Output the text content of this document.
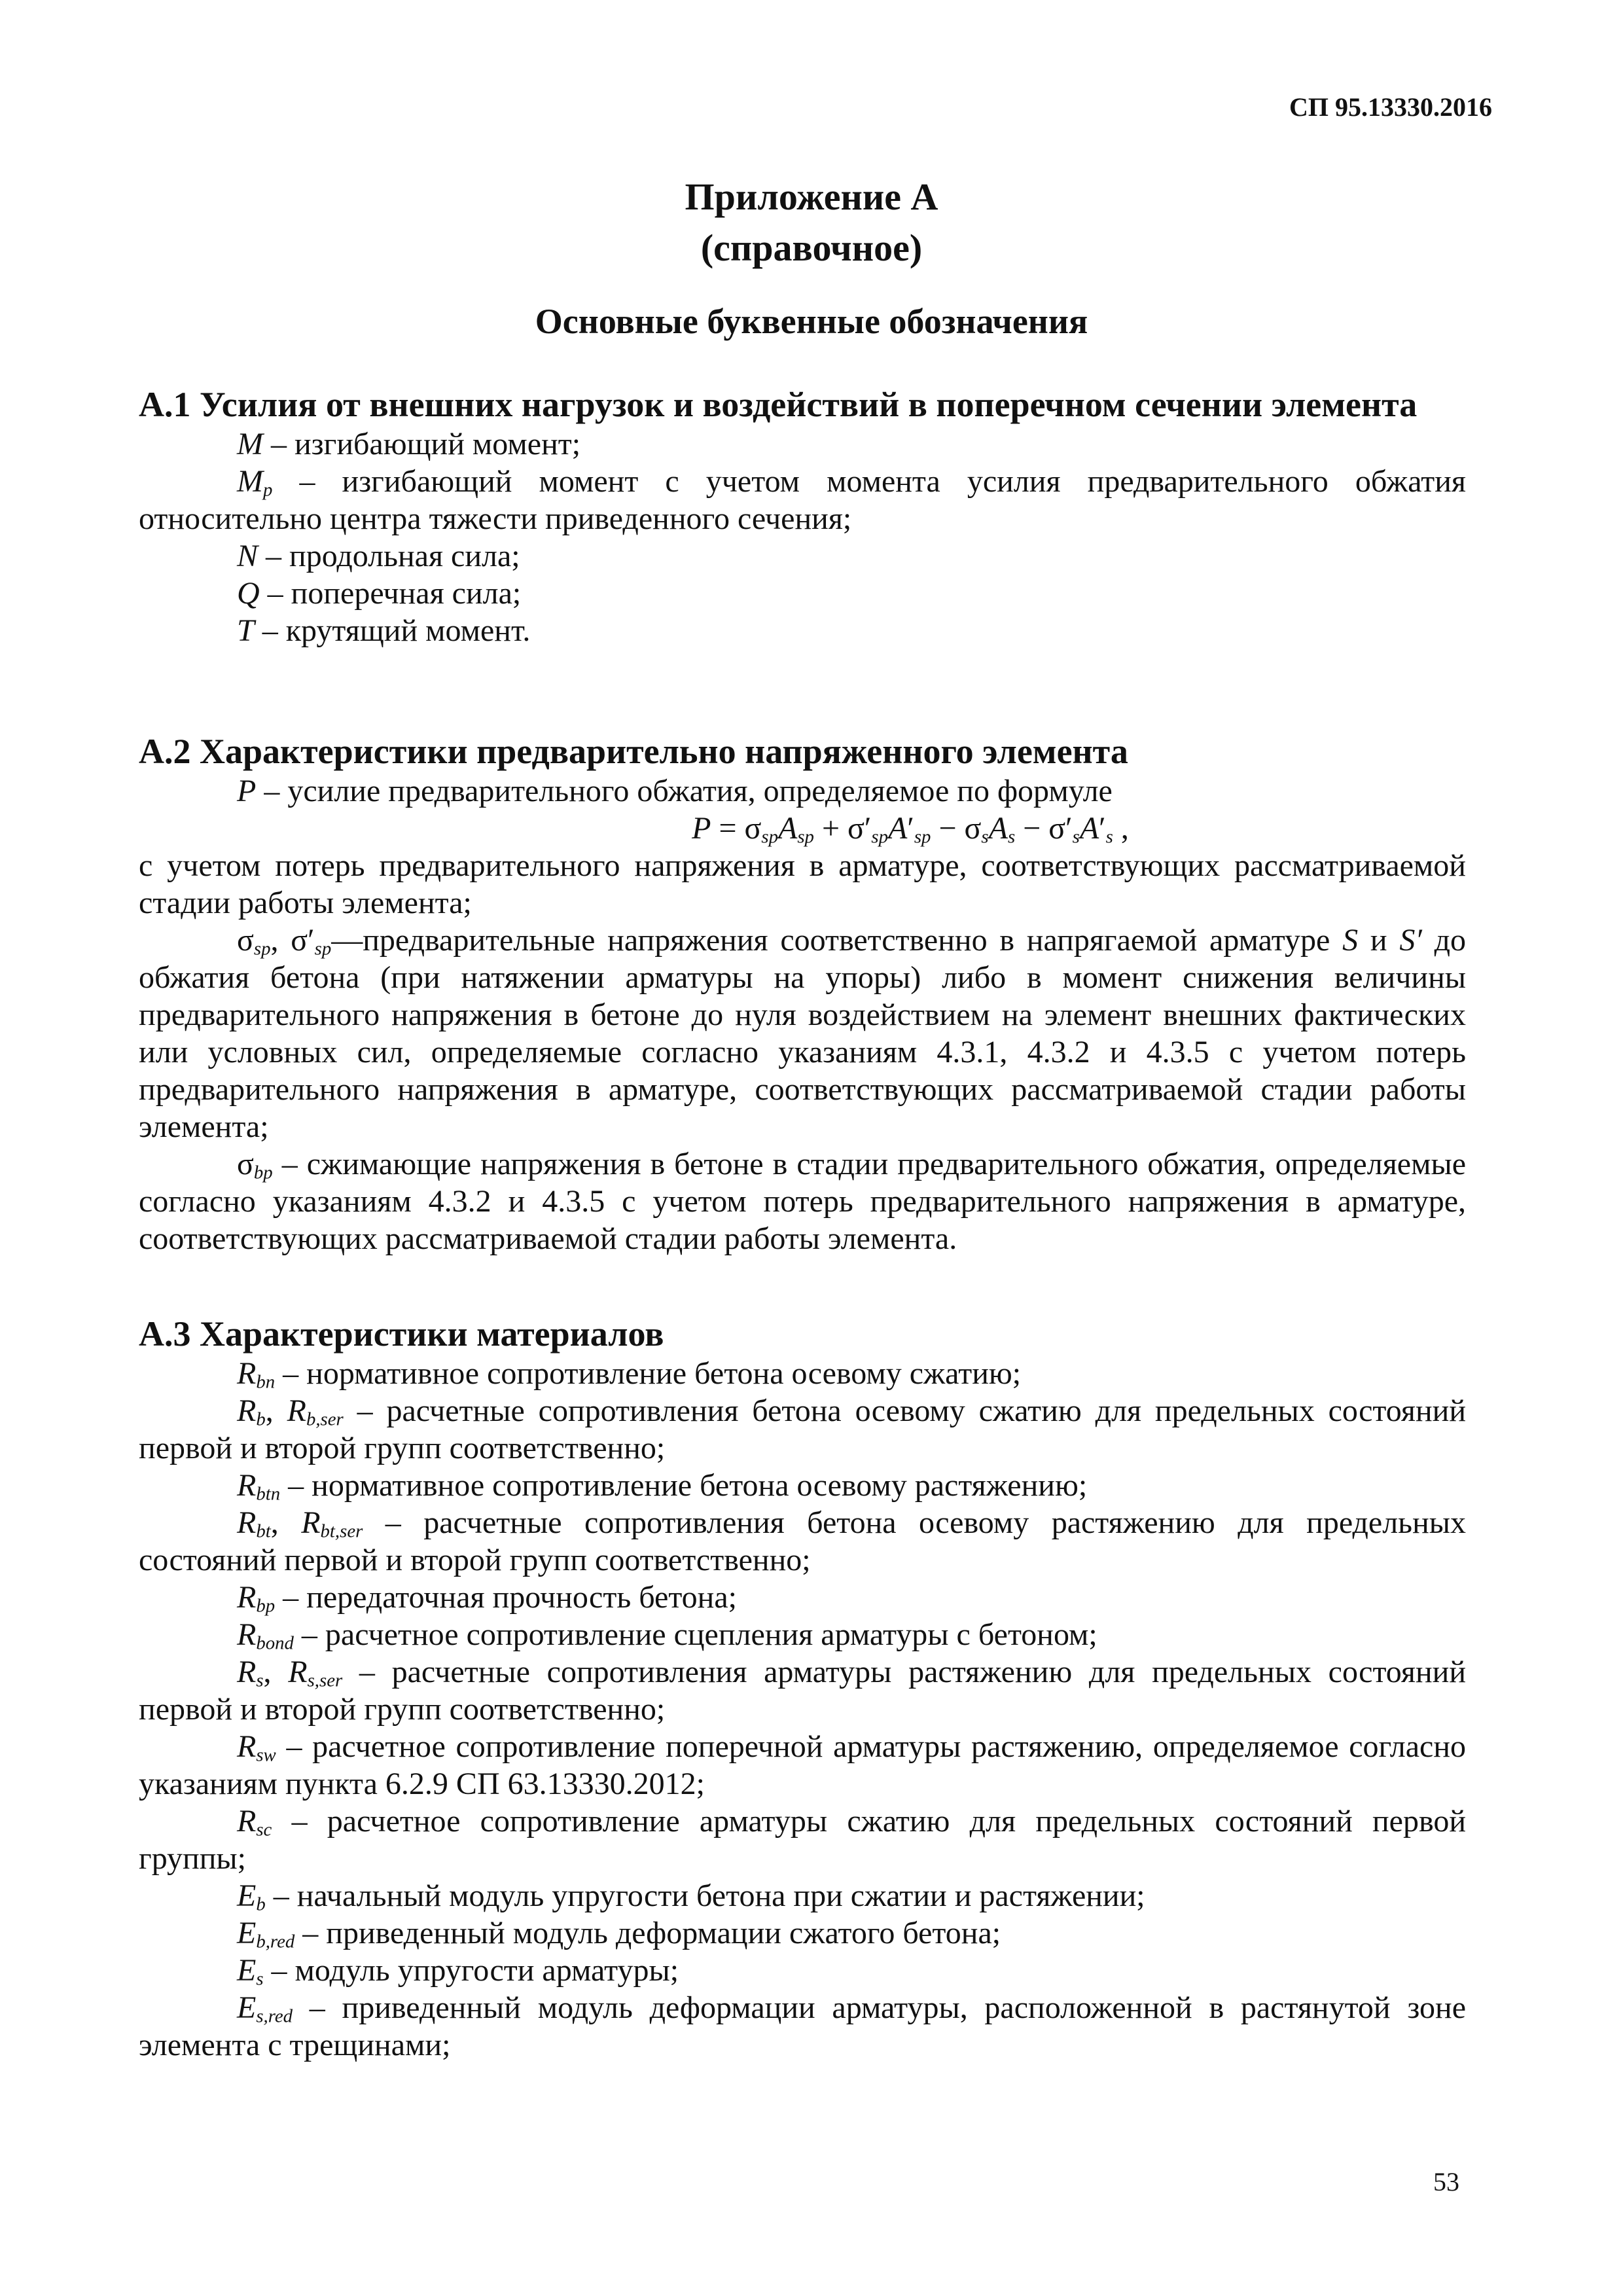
СП 95.13330.2016
Приложение А
(справочное)
Основные буквенные обозначения
А.1 Усилия от внешних нагрузок и воздействий в поперечном сечении элемента

M – изгибающий момент;

$M_p$ – изгибающий момент с учетом момента усилия предварительного обжатия относительно центра тяжести приведенного сечения;

N – продольная сила;

Q – поперечная сила;

T – крутящий момент.

А.2 Характеристики предварительно напряженного элемента

P – усилие предварительного обжатия, определяемое по формуле

$P = \sigma_{sp}A_{sp} + \sigma'_{sp}A'_{sp} - \sigma_sA_s - \sigma'_sA'_s$ ,

с учетом потерь предварительного напряжения в арматуре, соответствующих рассматриваемой стадии работы элемента;

$\sigma_{sp}$, $\sigma'_{sp}—предварительные$ напряжения соответственно в напрягаемой арматуре S и S′ до обжатия бетона (при натяжении арматуры на упоры) либо в момент снижения величины предварительного напряжения в бетоне до нуля воздействием на элемент внешних фактических или условных сил, определяемые согласно указаниям 4.3.1, 4.3.2 и 4.3.5 с учетом потерь предварительного напряжения в арматуре, соответствующих рассматриваемой стадии работы элемента;

$\sigma_{bp}$ – сжимающие напряжения в бетоне в стадии предварительного обжатия, определяемые согласно указаниям 4.3.2 и 4.3.5 с учетом потерь предварительного напряжения в арматуре, соответствующих рассматриваемой стадии работы элемента.

А.3 Характеристики материалов

$R_{bn}$ – нормативное сопротивление бетона осевому сжатию;

$R_b$, $R_{b,ser}$ – расчетные сопротивления бетона осевому сжатию для предельных состояний первой и второй групп соответственно;

$R_{btn}$ – нормативное сопротивление бетона осевому растяжению;

$R_{bt}$, $R_{bt,ser}$ – расчетные сопротивления бетона осевому растяжению для предельных состояний первой и второй групп соответственно;

$R_{bp}$ – передаточная прочность бетона;

$R_{bond}$ – расчетное сопротивление сцепления арматуры с бетоном;

$R_s$, $R_{s,ser}$ – расчетные сопротивления арматуры растяжению для предельных состояний первой и второй групп соответственно;

$R_{sw}$ – расчетное сопротивление поперечной арматуры растяжению, определяемое согласно указаниям пункта 6.2.9 СП 63.13330.2012;

$R_{sc}$ – расчетное сопротивление арматуры сжатию для предельных состояний первой группы;

$E_b$ – начальный модуль упругости бетона при сжатии и растяжении;

$E_{b,red}$ – приведенный модуль деформации сжатого бетона;

$E_s$ – модуль упругости арматуры;

$E_{s,red}$ – приведенный модуль деформации арматуры, расположенной в растянутой зоне элемента с трещинами;

53
